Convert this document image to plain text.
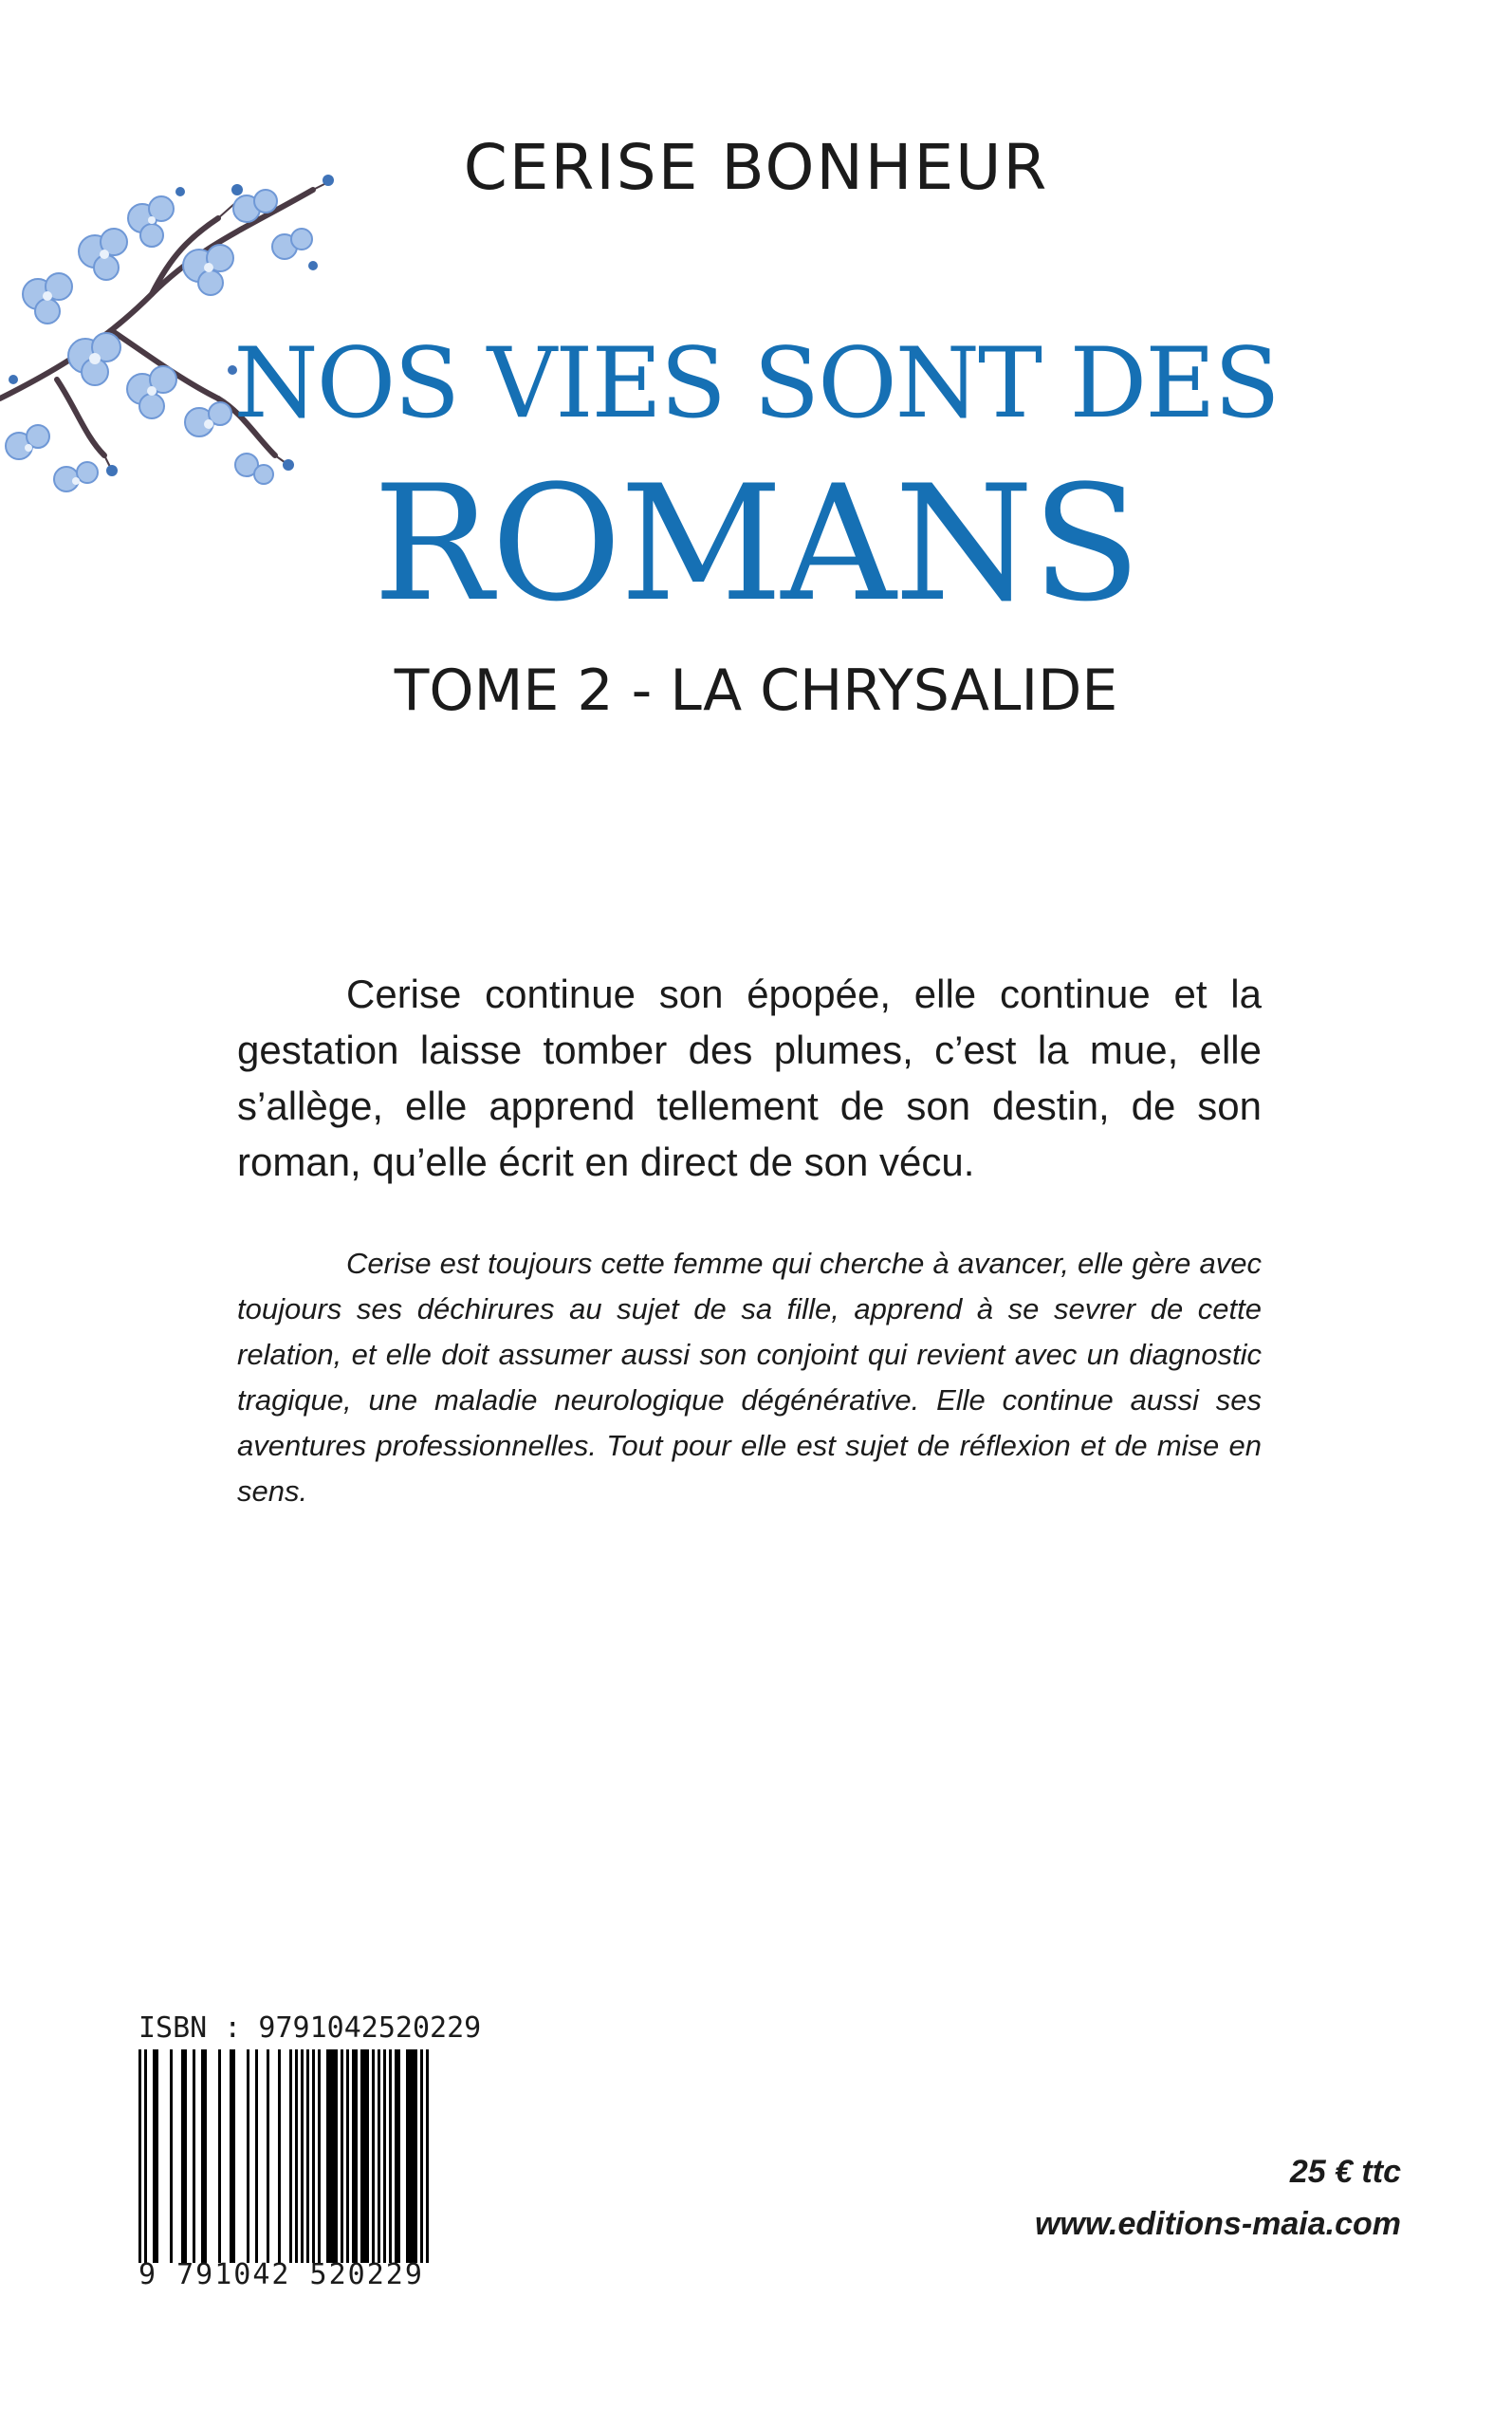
CERISE BONHEUR
NOS VIES SONT DES
ROMANS
TOME 2 - LA CHRYSALIDE

Cerise continue son épopée, elle continue et la gestation laisse tomber des plumes, c’est la mue, elle s’allège, elle apprend tellement de son destin, de son roman, qu’elle écrit en direct de son vécu.

Cerise est toujours cette femme qui cherche à avancer, elle gère avec toujours ses déchirures au sujet de sa fille, apprend à se sevrer de cette relation, et elle doit assumer aussi son conjoint qui revient avec un diagnostic tragique, une maladie neurologique dégénérative. Elle continue aussi ses aventures professionnelles. Tout pour elle est sujet de réflexion et de mise en sens.

ISBN : 9791042520229

9 791042 520229
25 € ttc
www.editions-maia.com
